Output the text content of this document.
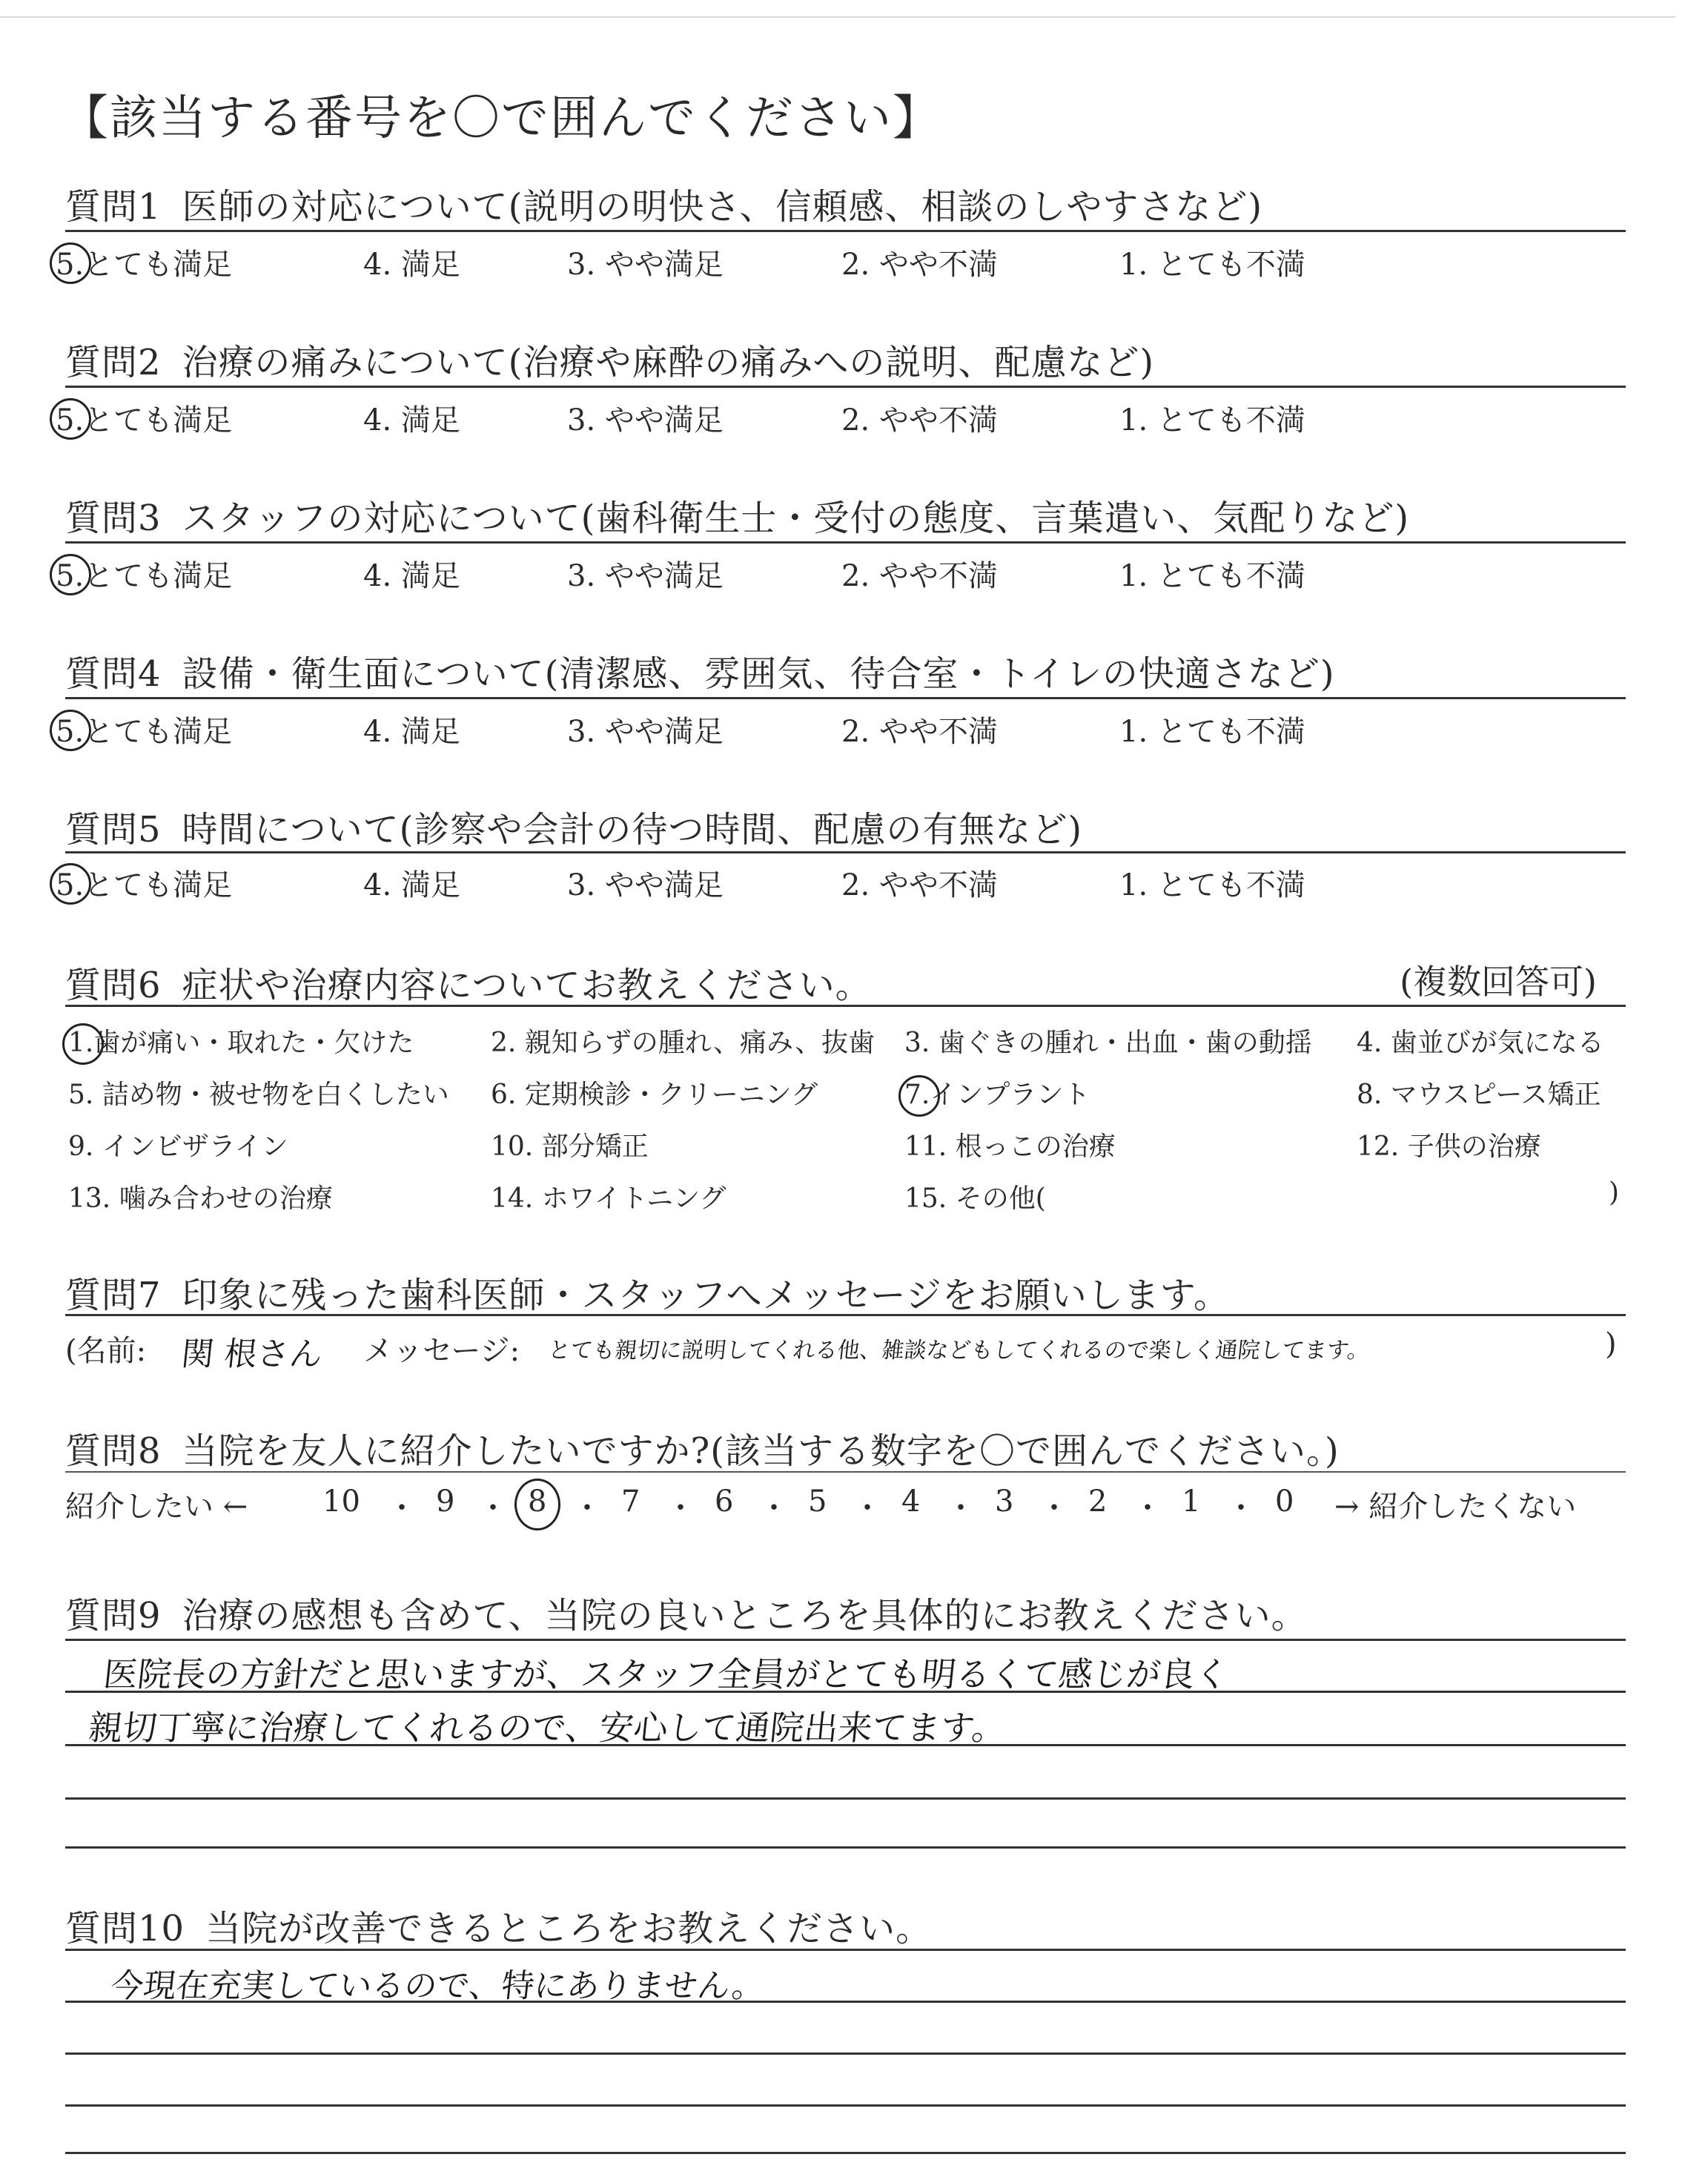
【該当する番号を〇で囲んでください】
質問1 医師の対応について(説明の明快さ、信頼感、相談のしやすさなど)
5.とても満足	4. 満足	3. やや満足	2. やや不満	1. とても不満
質問2 治療の痛みについて(治療や麻酔の痛みへの説明、配慮など)
5.とても満足	4. 満足	3. やや満足	2. やや不満	1. とても不満
質問3 スタッフの対応について(歯科衛生士・受付の態度、言葉遣い、気配りなど)
5.とても満足	4. 満足	3. やや満足	2. やや不満	1. とても不満
質問4 設備・衛生面について(清潔感、雰囲気、待合室・トイレの快適さなど)
5.とても満足	4. 満足	3. やや満足	2. やや不満	1. とても不満
質問5 時間について(診察や会計の待つ時間、配慮の有無など)
5.とても満足	4. 満足	3. やや満足	2. やや不満	1. とても不満
質問6 症状や治療内容についてお教えください。	(複数回答可)
1.歯が痛い・取れた・欠けた	2. 親知らずの腫れ、痛み、抜歯 3. 歯ぐきの腫れ・出血・歯の動揺 4. 歯並びが気になる
5. 詰め物・被せ物を白くしたい 6. 定期検診・クリーニング	7.インプラント	8. マウスピース矯正
9. インビザライン	10. 部分矯正	11. 根っこの治療	12. 子供の治療
13. 噛み合わせの治療	14. ホワイトニング	15. その他(	)
質問7 印象に残った歯科医師・スタッフへメッセージをお願いします。
(名前: 関 根さん メッセージ: とても親切に説明してくれる他、雑談などもしてくれるので楽しく通院してます。	)
質問8 当院を友人に紹介したいですか?(該当する数字を〇で囲んでください。)
紹介したい ←	10 ・ 9 ・ 8 ・ 7 ・ 6 ・ 5 ・ 4 ・ 3 ・ 2 ・ 1 ・ 0 → 紹介したくない
質問9 治療の感想も含めて、当院の良いところを具体的にお教えください。
医院長の方針だと思いますが、スタッフ全員がとても明るくて感じが良く
親切丁寧に治療してくれるので、安心して通院出来てます。
質問10 当院が改善できるところをお教えください。
今現在充実しているので、特にありません。
